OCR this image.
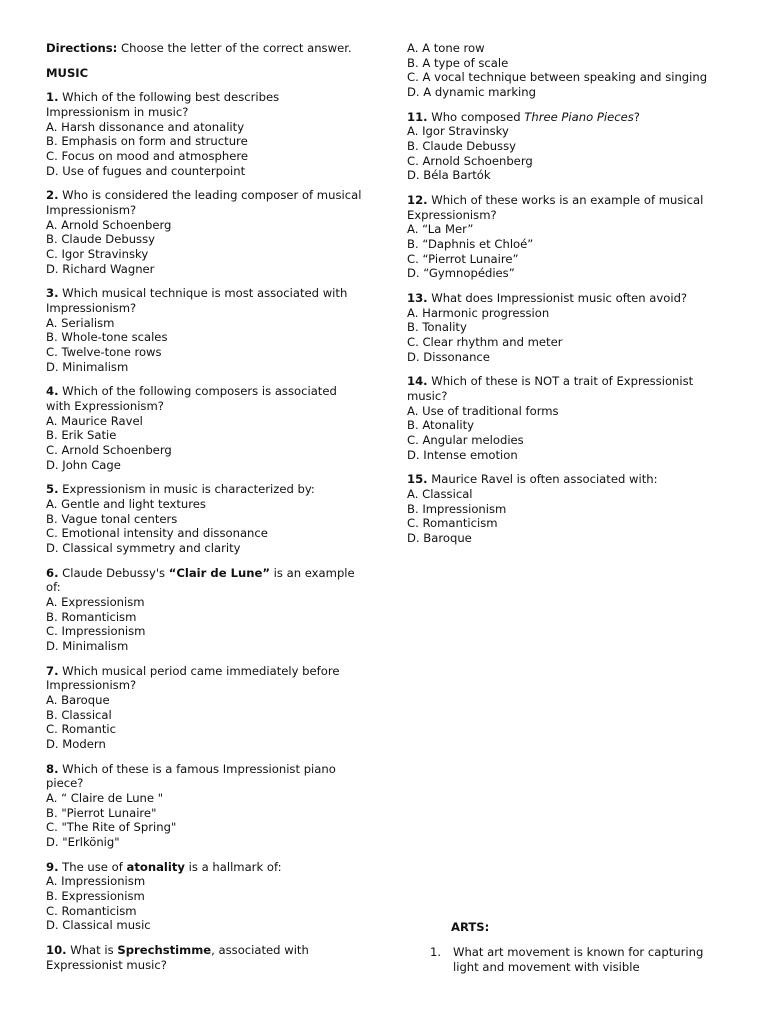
Directions: Choose the letter of the correct answer.
MUSIC
1. Which of the following best describes Impressionism in music?
A. Harsh dissonance and atonality
B. Emphasis on form and structure
C. Focus on mood and atmosphere
D. Use of fugues and counterpoint
2. Who is considered the leading composer of musical Impressionism?
A. Arnold Schoenberg
B. Claude Debussy
C. Igor Stravinsky
D. Richard Wagner
3. Which musical technique is most associated with Impressionism?
A. Serialism
B. Whole-tone scales
C. Twelve-tone rows
D. Minimalism
4. Which of the following composers is associated with Expressionism?
A. Maurice Ravel
B. Erik Satie
C. Arnold Schoenberg
D. John Cage
5. Expressionism in music is characterized by:
A. Gentle and light textures
B. Vague tonal centers
C. Emotional intensity and dissonance
D. Classical symmetry and clarity
6. Claude Debussy's “Clair de Lune” is an example of:
A. Expressionism
B. Romanticism
C. Impressionism
D. Minimalism
7. Which musical period came immediately before Impressionism?
A. Baroque
B. Classical
C. Romantic
D. Modern
8. Which of these is a famous Impressionist piano piece?
A. “ Claire de Lune "
B. "Pierrot Lunaire"
C. "The Rite of Spring"
D. "Erlkönig"
9. The use of atonality is a hallmark of:
A. Impressionism
B. Expressionism
C. Romanticism
D. Classical music
10. What is Sprechstimme, associated with Expressionist music?
A. A tone row
B. A type of scale
C. A vocal technique between speaking and singing
D. A dynamic marking
11. Who composed Three Piano Pieces?
A. Igor Stravinsky
B. Claude Debussy
C. Arnold Schoenberg
D. Béla Bartók
12. Which of these works is an example of musical Expressionism?
A. “La Mer”
B. “Daphnis et Chloé”
C. “Pierrot Lunaire”
D. “Gymnopédies”
13. What does Impressionist music often avoid?
A. Harmonic progression
B. Tonality
C. Clear rhythm and meter
D. Dissonance
14. Which of these is NOT a trait of Expressionist music?
A. Use of traditional forms
B. Atonality
C. Angular melodies
D. Intense emotion
15. Maurice Ravel is often associated with:
A. Classical
B. Impressionism
C. Romanticism
D. Baroque
ARTS:
1. What art movement is known for capturing light and movement with visible
